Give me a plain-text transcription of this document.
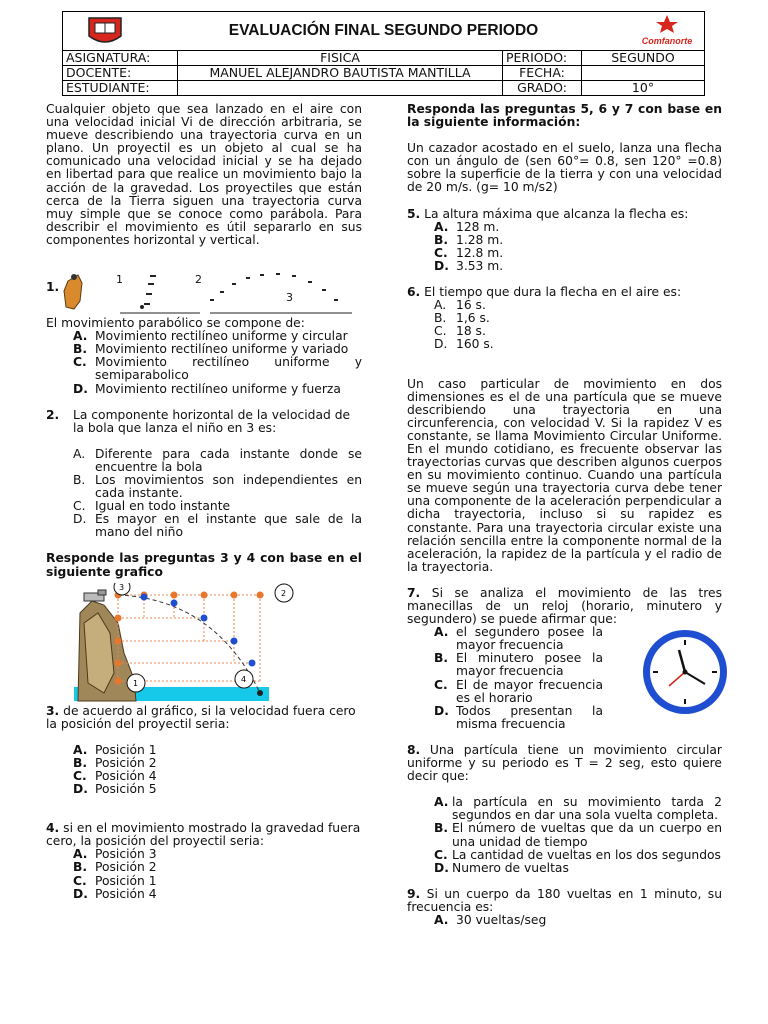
EVALUACIÓN FINAL SEGUNDO PERIODO
Comfanorte			

ASIGNATURA:	FISICA	PERIODO:	SEGUNDO
DOCENTE:	MANUEL ALEJANDRO BAUTISTA MANTILLA	FECHA:	
ESTUDIANTE:		GRADO:	10°

Cualquier objeto que sea lanzado en el aire con una velocidad inicial Vi de dirección arbitraria, se mueve describiendo una trayectoria curva en un plano. Un proyectil es un objeto al cual se ha comunicado una velocidad inicial y se ha dejado en libertad para que realice un movimiento bajo la acción de la gravedad. Los proyectiles que están cerca de la Tierra siguen una trayectoria curva muy simple que se conoce como parábola. Para describir el movimiento es útil separarlo en sus componentes horizontal y vertical.

1.
1	2
3

El movimiento parabólico se compone de:

A. Movimiento rectilíneo uniforme y circular
B. Movimiento rectilíneo uniforme y variado
C. Movimiento rectilíneo uniforme y semiparabolico
D. Movimiento rectilíneo uniforme y fuerza
2.	La componente horizontal de la velocidad de la bola que lanza el niño en 3 es:
A. Diferente para cada instante donde se encuentre la bola
B. Los movimientos son independientes en cada instante.
C. Igual en todo instante
D. Es mayor en el instante que sale de la mano del niño

Responde las preguntas 3 y 4 con base en el siguiente grafico

3
2
1	4

3. de acuerdo al gráfico, si la velocidad fuera cero la posición del proyectil seria:

A. Posición 1
B. Posición 2
C. Posición 4
D. Posición 5

4. si en el movimiento mostrado la gravedad fuera cero, la posición del proyectil seria:

A. Posición 3
B. Posición 2
C. Posición 1
D. Posición 4

Responda las preguntas 5, 6 y 7 con base en la siguiente información:

Un cazador acostado en el suelo, lanza una flecha con un ángulo de (sen 60°= 0.8, sen 120° =0.8) sobre la superficie de la tierra y con una velocidad de 20 m/s. (g= 10 m/s2)

5. La altura máxima que alcanza la flecha es:

A. 128 m.
B. 1.28 m.
C. 12.8 m.
D. 3.53 m.

6. El tiempo que dura la flecha en el aire es:

A. 16 s.
B. 1,6 s.
C. 18 s.
D. 160 s.

Un caso particular de movimiento en dos dimensiones es el de una partícula que se mueve describiendo una trayectoria en una circunferencia, con velocidad V. Si la rapidez V es constante, se llama Movimiento Circular Uniforme. En el mundo cotidiano, es frecuente observar las trayectorias curvas que describen algunos cuerpos en su movimiento continuo. Cuando una partícula se mueve según una trayectoria curva debe tener una componente de la aceleración perpendicular a dicha trayectoria, incluso si su rapidez es constante. Para una trayectoria circular existe una relación sencilla entre la componente normal de la aceleración, la rapidez de la partícula y el radio de la trayectoria.

7. Si se analiza el movimiento de las tres manecillas de un reloj (horario, minutero y segundero) se puede afirmar que:

A. el segundero posee la mayor frecuencia
B. El minutero posee la mayor frecuencia
C. El de mayor frecuencia es el horario
D. Todos presentan la misma frecuencia

8. Una partícula tiene un movimiento circular uniforme y su periodo es T = 2 seg, esto quiere decir que:

A. la partícula en su movimiento tarda 2 segundos en dar una sola vuelta completa.
B. El número de vueltas que da un cuerpo en una unidad de tiempo
C. La cantidad de vueltas en los dos segundos
D. Numero de vueltas

9. Si un cuerpo da 180 vueltas en 1 minuto, su frecuencia es:

A. 30 vueltas/seg
